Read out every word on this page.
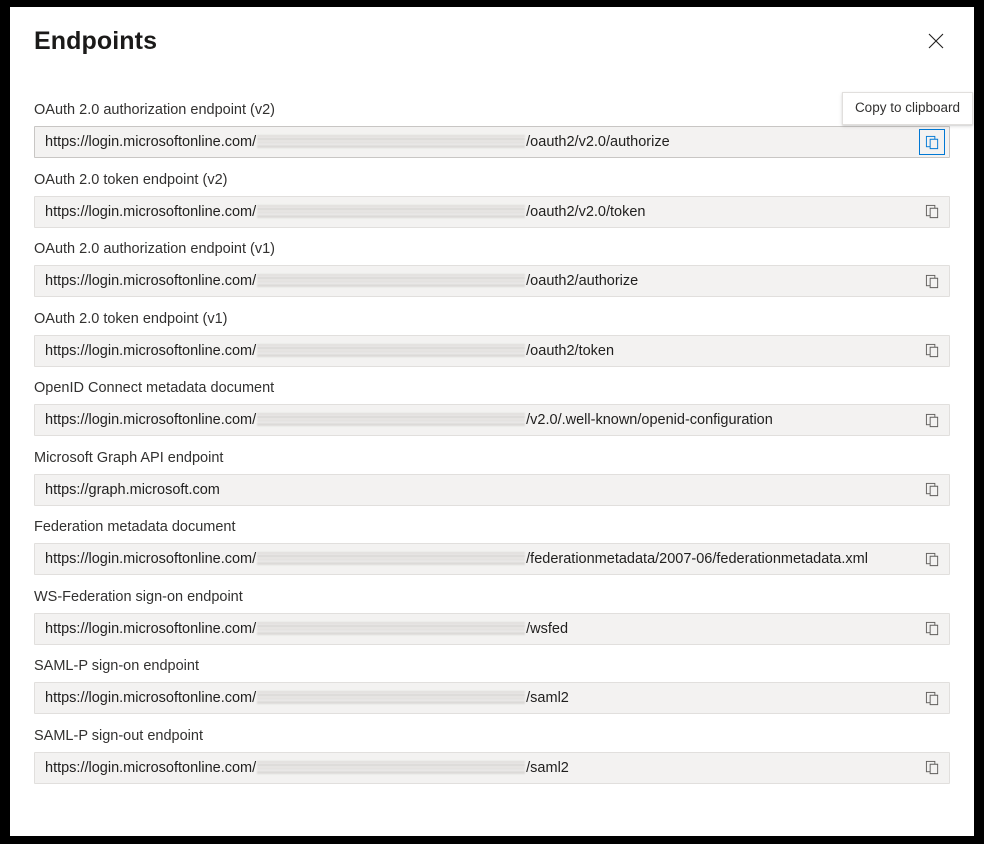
Endpoints
Copy to clipboard
OAuth 2.0 authorization endpoint (v2)
https://login.microsoftonline.com/	/oauth2/v2.0/authorize
OAuth 2.0 token endpoint (v2)
https://login.microsoftonline.com/	/oauth2/v2.0/token
OAuth 2.0 authorization endpoint (v1)
https://login.microsoftonline.com/	/oauth2/authorize
OAuth 2.0 token endpoint (v1)
https://login.microsoftonline.com/	/oauth2/token
OpenID Connect metadata document
https://login.microsoftonline.com/	/v2.0/.well-known/openid-configuration
Microsoft Graph API endpoint
https://graph.microsoft.com
Federation metadata document
https://login.microsoftonline.com/	/federationmetadata/2007-06/federationmetadata.xml
WS-Federation sign-on endpoint
https://login.microsoftonline.com/	/wsfed
SAML-P sign-on endpoint
https://login.microsoftonline.com/	/saml2
SAML-P sign-out endpoint
https://login.microsoftonline.com/	/saml2
